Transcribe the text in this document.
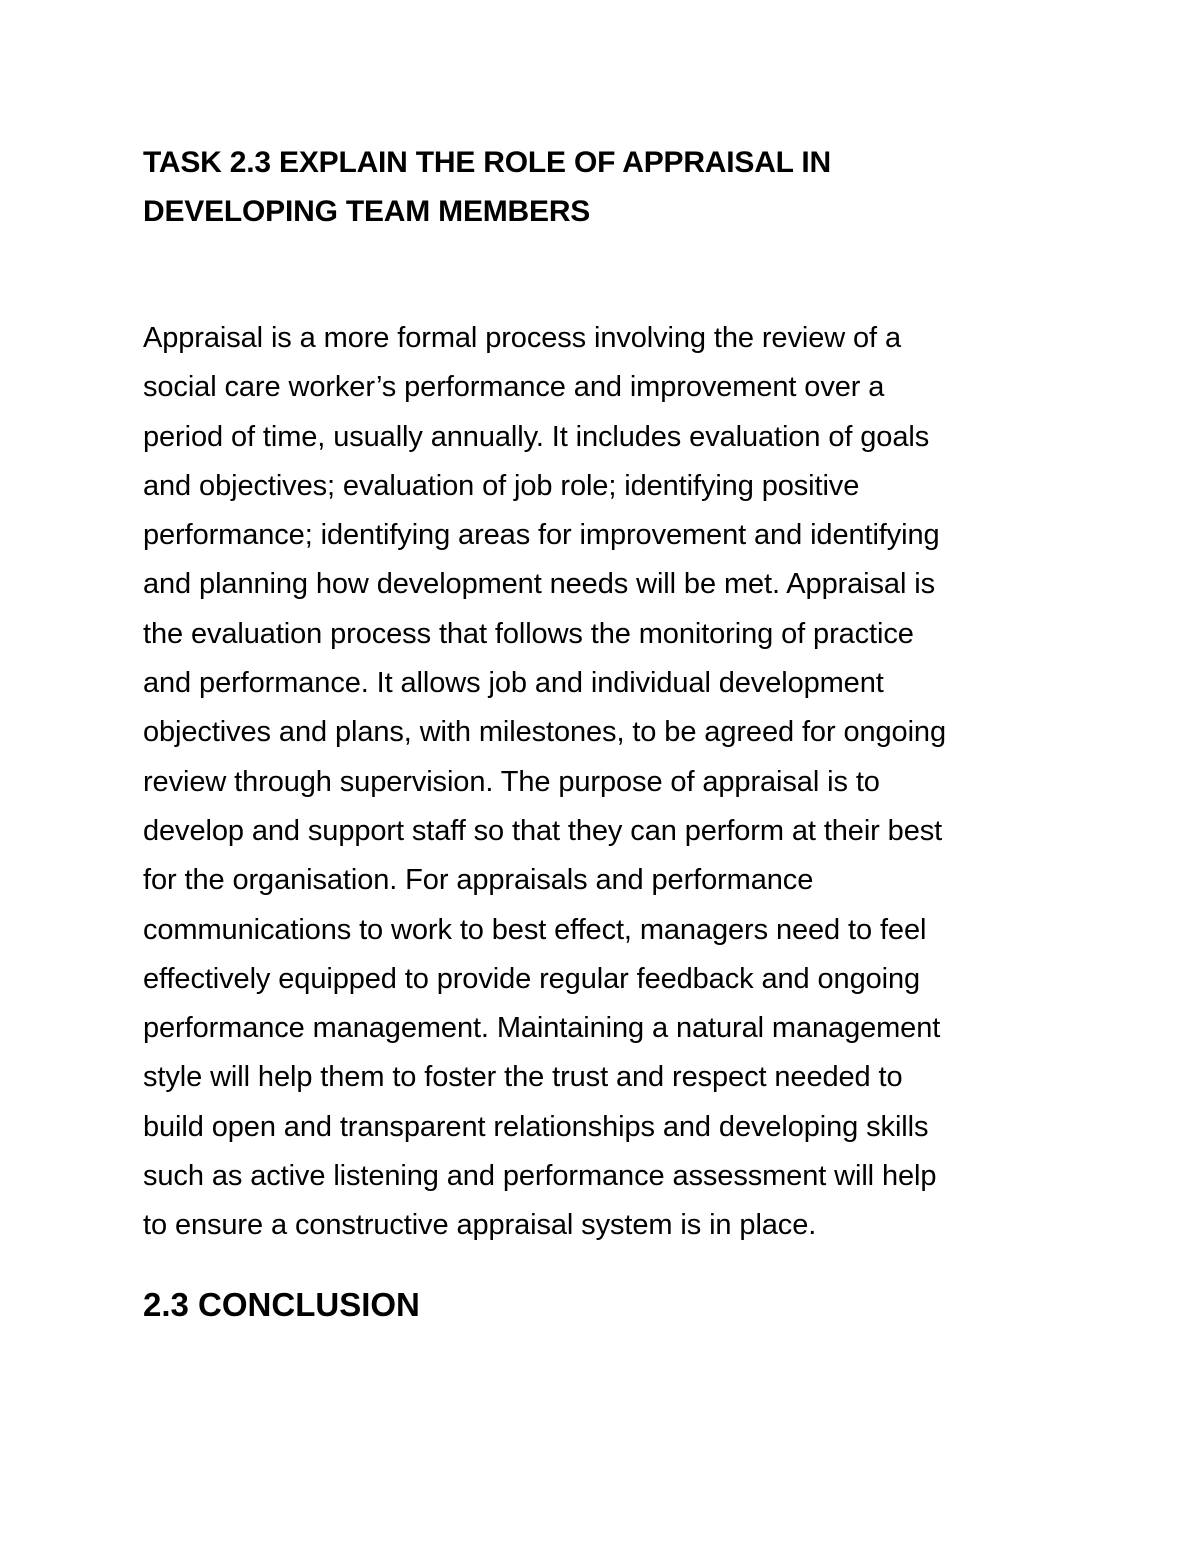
TASK 2.3 EXPLAIN THE ROLE OF APPRAISAL IN
DEVELOPING TEAM MEMBERS

Appraisal is a more formal process involving the review of a
social care worker’s performance and improvement over a
period of time, usually annually. It includes evaluation of goals
and objectives; evaluation of job role; identifying positive
performance; identifying areas for improvement and identifying
and planning how development needs will be met. Appraisal is
the evaluation process that follows the monitoring of practice
and performance. It allows job and individual development
objectives and plans, with milestones, to be agreed for ongoing
review through supervision. The purpose of appraisal is to
develop and support staff so that they can perform at their best
for the organisation. For appraisals and performance
communications to work to best effect, managers need to feel
effectively equipped to provide regular feedback and ongoing
performance management. Maintaining a natural management
style will help them to foster the trust and respect needed to
build open and transparent relationships and developing skills
such as active listening and performance assessment will help
to ensure a constructive appraisal system is in place.

2.3 CONCLUSION
